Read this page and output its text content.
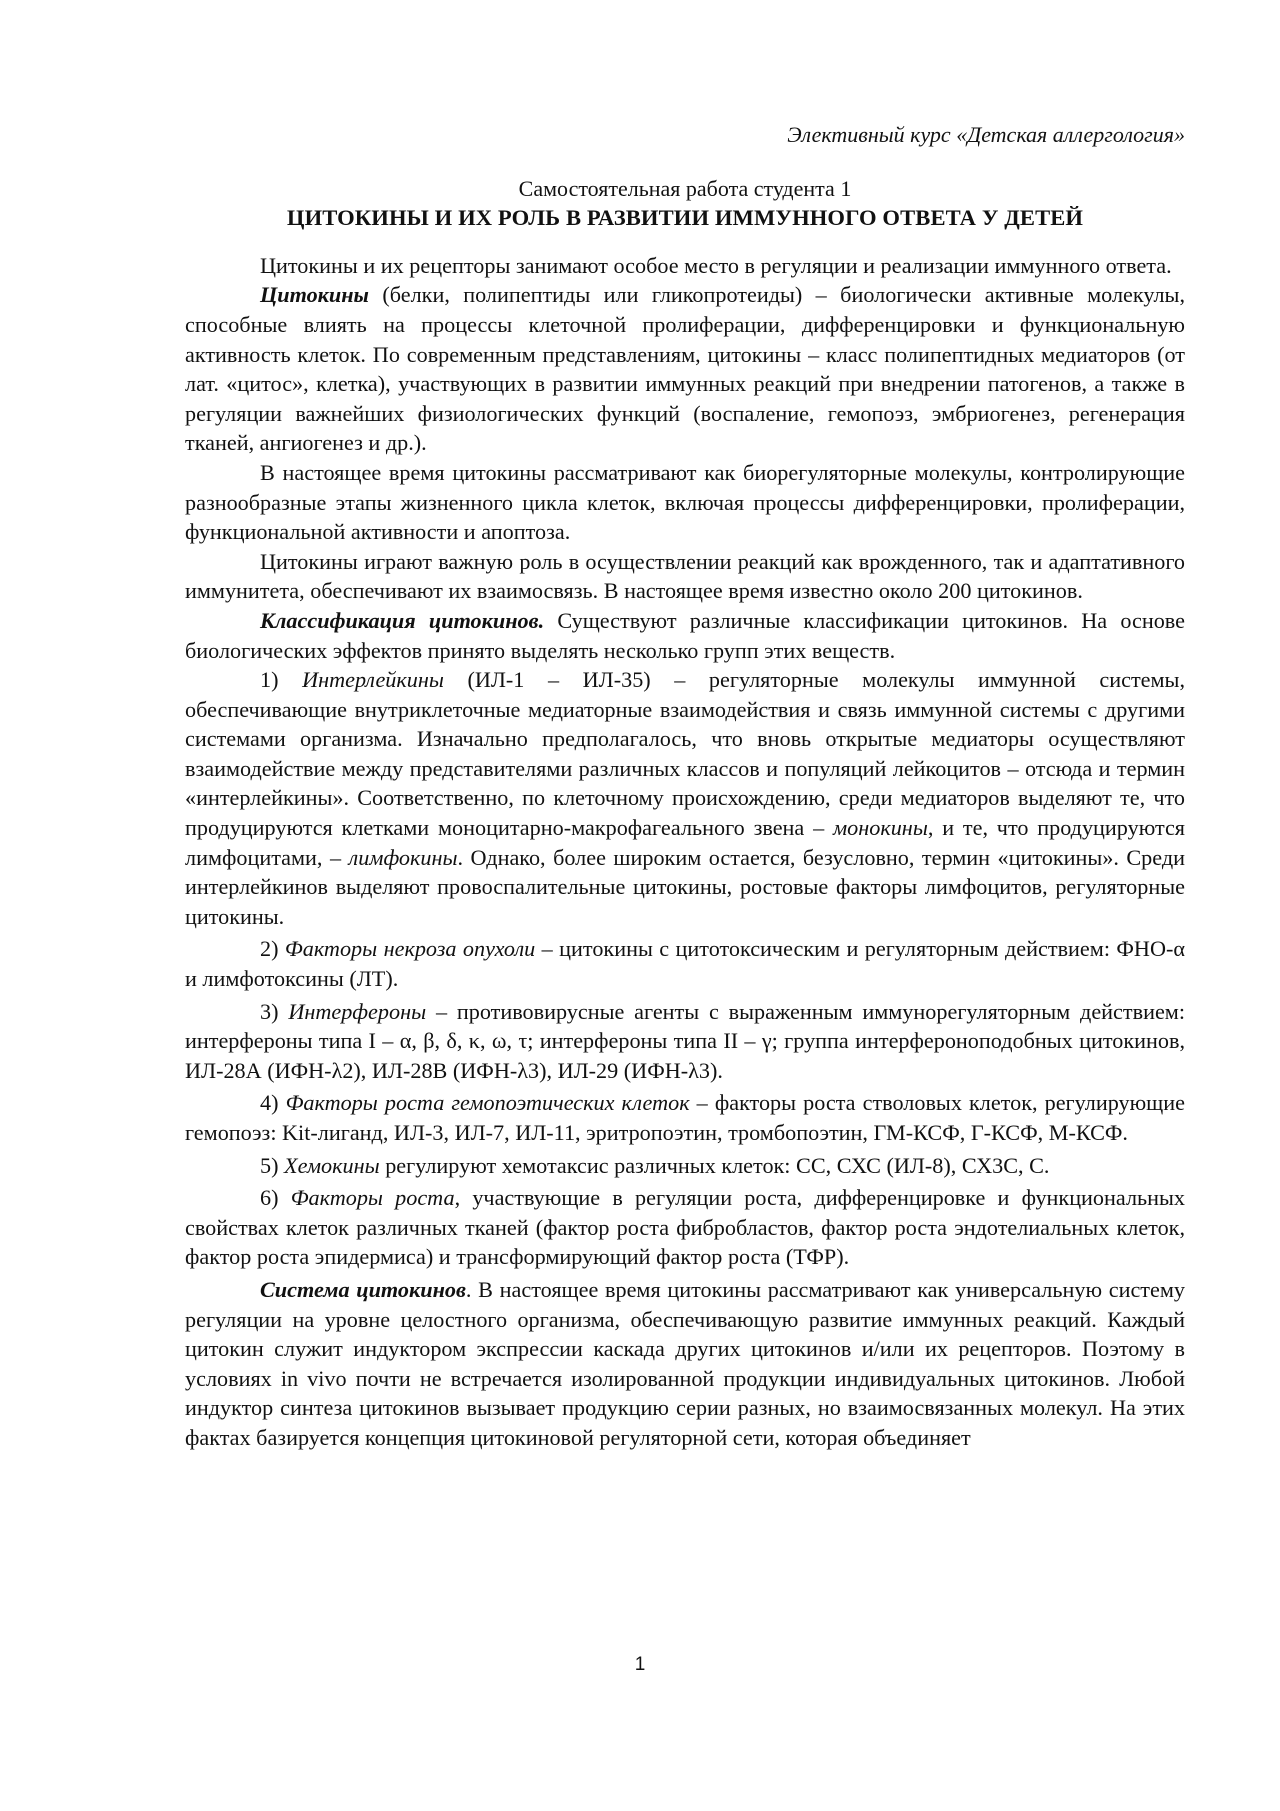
Элективный курс «Детская аллергология»

Самостоятельная работа студента 1

ЦИТОКИНЫ И ИХ РОЛЬ В РАЗВИТИИ ИММУННОГО ОТВЕТА У ДЕТЕЙ

Цитокины и их рецепторы занимают особое место в регуляции и реализации иммунного ответа.

Цитокины (белки, полипептиды или гликопротеиды) – биологически активные молекулы, способные влиять на процессы клеточной пролиферации, дифференцировки и функциональную активность клеток. По современным представлениям, цитокины – класс полипептидных медиаторов (от лат. «цитос», клетка), участвующих в развитии иммунных реакций при внедрении патогенов, а также в регуляции важнейших физиологических функций (воспаление, гемопоэз, эмбриогенез, регенерация тканей, ангиогенез и др.).

В настоящее время цитокины рассматривают как биорегуляторные молекулы, контролирующие разнообразные этапы жизненного цикла клеток, включая процессы дифференцировки, пролиферации, функциональной активности и апоптоза.

Цитокины играют важную роль в осуществлении реакций как врожденного, так и адаптативного иммунитета, обеспечивают их взаимосвязь. В настоящее время известно около 200 цитокинов.

Классификация цитокинов. Существуют различные классификации цитокинов. На основе биологических эффектов принято выделять несколько групп этих веществ.

1) Интерлейкины (ИЛ-1 – ИЛ-35) – регуляторные молекулы иммунной системы, обеспечивающие внутриклеточные медиаторные взаимодействия и связь иммунной системы с другими системами организма. Изначально предполагалось, что вновь открытые медиаторы осуществляют взаимодействие между представителями различных классов и популяций лейкоцитов – отсюда и термин «интерлейкины». Соответственно, по клеточному происхождению, среди медиаторов выделяют те, что продуцируются клетками моноцитарно-макрофагеального звена – монокины, и те, что продуцируются лимфоцитами, – лимфокины. Однако, более широким остается, безусловно, термин «цитокины». Среди интерлейкинов выделяют провоспалительные цитокины, ростовые факторы лимфоцитов, регуляторные цитокины.

2) Факторы некроза опухоли – цитокины с цитотоксическим и регуляторным действием: ФНО-α и лимфотоксины (ЛТ).

3) Интерфероны – противовирусные агенты с выраженным иммунорегуляторным действием: интерфероны типа I – α, β, δ, κ, ω, τ; интерфероны типа II – γ; группа интерфероноподобных цитокинов, ИЛ-28А (ИФН-λ2), ИЛ-28В (ИФН-λ3), ИЛ-29 (ИФН-λ3).

4) Факторы роста гемопоэтических клеток – факторы роста стволовых клеток, регулирующие гемопоэз: Kit-лиганд, ИЛ-3, ИЛ-7, ИЛ-11, эритропоэтин, тромбопоэтин, ГМ-КСФ, Г-КСФ, М-КСФ.

5) Хемокины регулируют хемотаксис различных клеток: СС, СХС (ИЛ-8), СХ3С, С.

6) Факторы роста, участвующие в регуляции роста, дифференцировке и функциональных свойствах клеток различных тканей (фактор роста фибробластов, фактор роста эндотелиальных клеток, фактор роста эпидермиса) и трансформирующий фактор роста (ТФР).

Система цитокинов. В настоящее время цитокины рассматривают как универсальную систему регуляции на уровне целостного организма, обеспечивающую развитие иммунных реакций. Каждый цитокин служит индуктором экспрессии каскада других цитокинов и/или их рецепторов. Поэтому в условиях in vivo почти не встречается изолированной продукции индивидуальных цитокинов. Любой индуктор синтеза цитокинов вызывает продукцию серии разных, но взаимосвязанных молекул. На этих фактах базируется концепция цитокиновой регуляторной сети, которая объединяет

1
